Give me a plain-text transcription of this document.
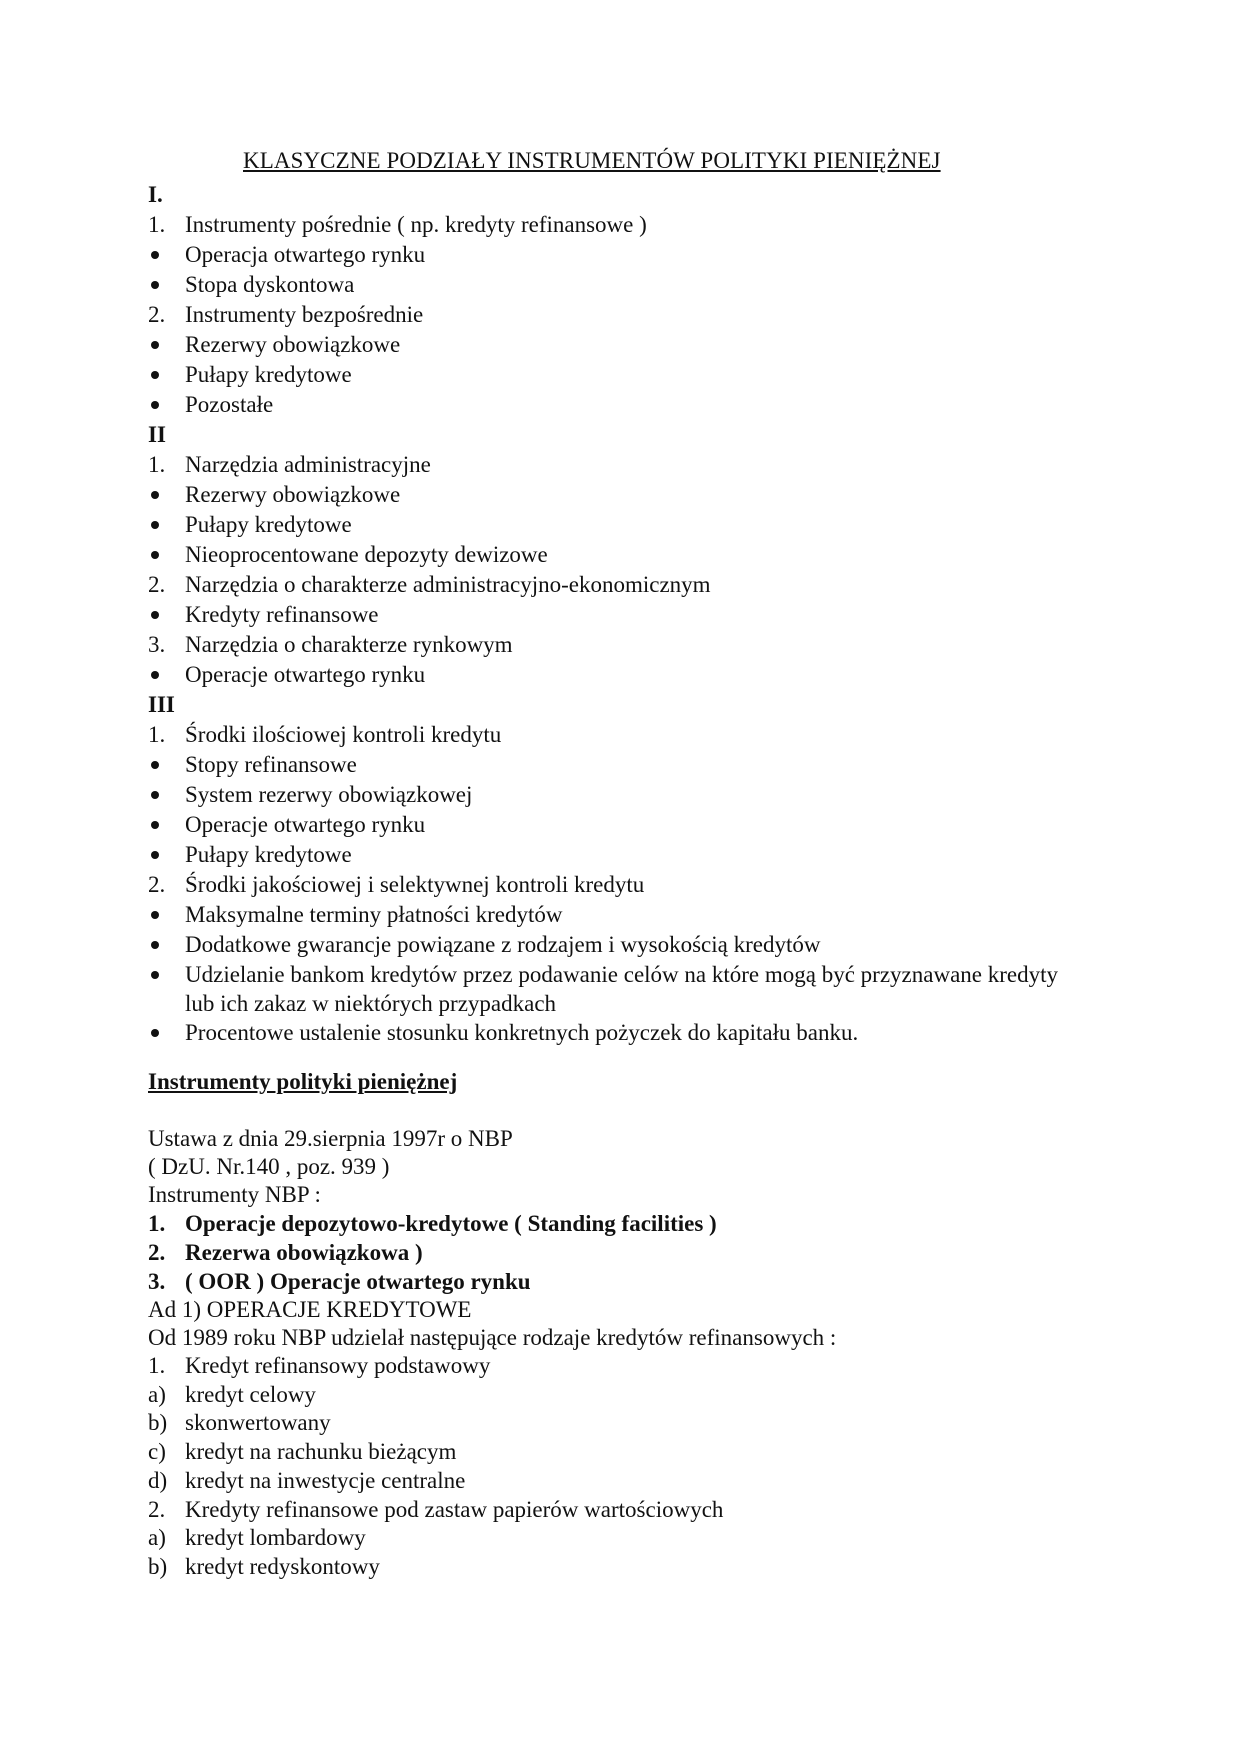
KLASYCZNE PODZIAŁY INSTRUMENTÓW POLITYKI PIENIĘŻNEJ
I.
1. Instrumenty pośrednie ( np. kredyty refinansowe )
Operacja otwartego rynku
Stopa dyskontowa
2. Instrumenty bezpośrednie
Rezerwy obowiązkowe
Pułapy kredytowe
Pozostałe
II
1. Narzędzia administracyjne
Rezerwy obowiązkowe
Pułapy kredytowe
Nieoprocentowane depozyty dewizowe
2. Narzędzia o charakterze administracyjno-ekonomicznym
Kredyty refinansowe
3. Narzędzia o charakterze rynkowym
Operacje otwartego rynku
III
1. Środki ilościowej kontroli kredytu
Stopy refinansowe
System rezerwy obowiązkowej
Operacje otwartego rynku
Pułapy kredytowe
2. Środki jakościowej i selektywnej kontroli kredytu
Maksymalne terminy płatności kredytów
Dodatkowe gwarancje powiązane z rodzajem i wysokością kredytów
Udzielanie bankom kredytów przez podawanie celów na które mogą być przyznawane kredyty lub ich zakaz w niektórych przypadkach
Procentowe ustalenie stosunku konkretnych pożyczek do kapitału banku.
Instrumenty polityki pieniężnej
Ustawa z dnia 29.sierpnia 1997r o NBP
( DzU. Nr.140 , poz. 939 )
Instrumenty NBP :
1. Operacje depozytowo-kredytowe ( Standing facilities )
2. Rezerwa obowiązkowa )
3. ( OOR ) Operacje otwartego rynku
Ad 1) OPERACJE KREDYTOWE
Od 1989 roku NBP udzielał następujące rodzaje kredytów refinansowych :
1. Kredyt refinansowy podstawowy
a) kredyt celowy
b) skonwertowany
c) kredyt na rachunku bieżącym
d) kredyt na inwestycje centralne
2. Kredyty refinansowe pod zastaw papierów wartościowych
a) kredyt lombardowy
b) kredyt redyskontowy
